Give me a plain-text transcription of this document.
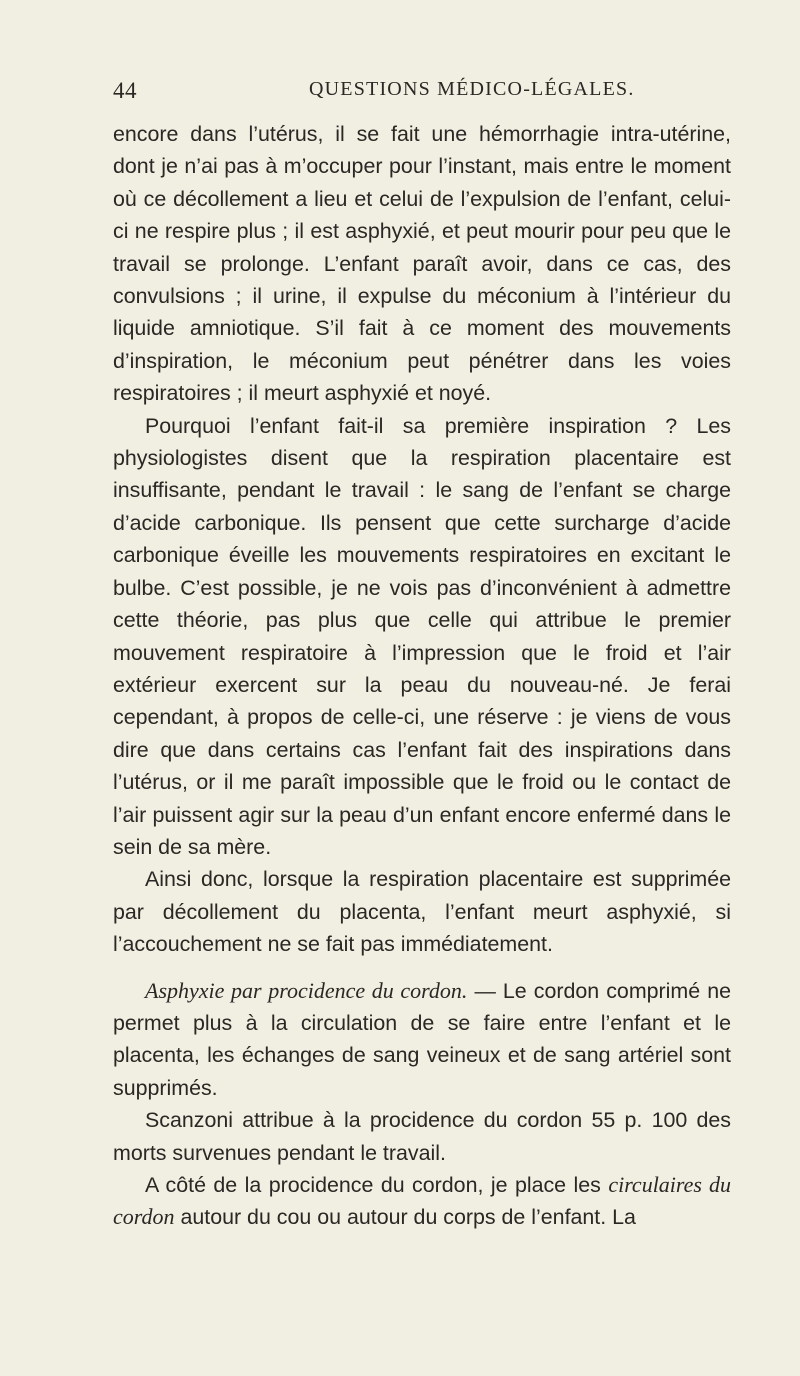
44	QUESTIONS MÉDICO-LÉGALES.

encore dans l’utérus, il se fait une hémorrhagie intra-utérine, dont je n’ai pas à m’occuper pour l’instant, mais entre le moment où ce décollement a lieu et celui de l’expulsion de l’enfant, celui-ci ne respire plus ; il est asphyxié, et peut mourir pour peu que le travail se prolonge. L’enfant paraît avoir, dans ce cas, des convulsions ; il urine, il expulse du méconium à l’intérieur du liquide amniotique. S’il fait à ce moment des mouvements d’inspiration, le méconium peut pénétrer dans les voies respiratoires ; il meurt asphyxié et noyé.

Pourquoi l’enfant fait-il sa première inspiration ? Les physiologistes disent que la respiration placentaire est insuffisante, pendant le travail : le sang de l’enfant se charge d’acide carbonique. Ils pensent que cette surcharge d’acide carbonique éveille les mouvements respiratoires en excitant le bulbe. C’est possible, je ne vois pas d’inconvénient à admettre cette théorie, pas plus que celle qui attribue le premier mouvement respiratoire à l’impression que le froid et l’air extérieur exercent sur la peau du nouveau-né. Je ferai cependant, à propos de celle-ci, une réserve : je viens de vous dire que dans certains cas l’enfant fait des inspirations dans l’utérus, or il me paraît impossible que le froid ou le contact de l’air puissent agir sur la peau d’un enfant encore enfermé dans le sein de sa mère.

Ainsi donc, lorsque la respiration placentaire est supprimée par décollement du placenta, l’enfant meurt asphyxié, si l’accouchement ne se fait pas immédiatement.

Asphyxie par procidence du cordon. — Le cordon comprimé ne permet plus à la circulation de se faire entre l’enfant et le placenta, les échanges de sang veineux et de sang artériel sont supprimés.

Scanzoni attribue à la procidence du cordon 55 p. 100 des morts survenues pendant le travail.

A côté de la procidence du cordon, je place les circulaires du cordon autour du cou ou autour du corps de l’enfant. La
